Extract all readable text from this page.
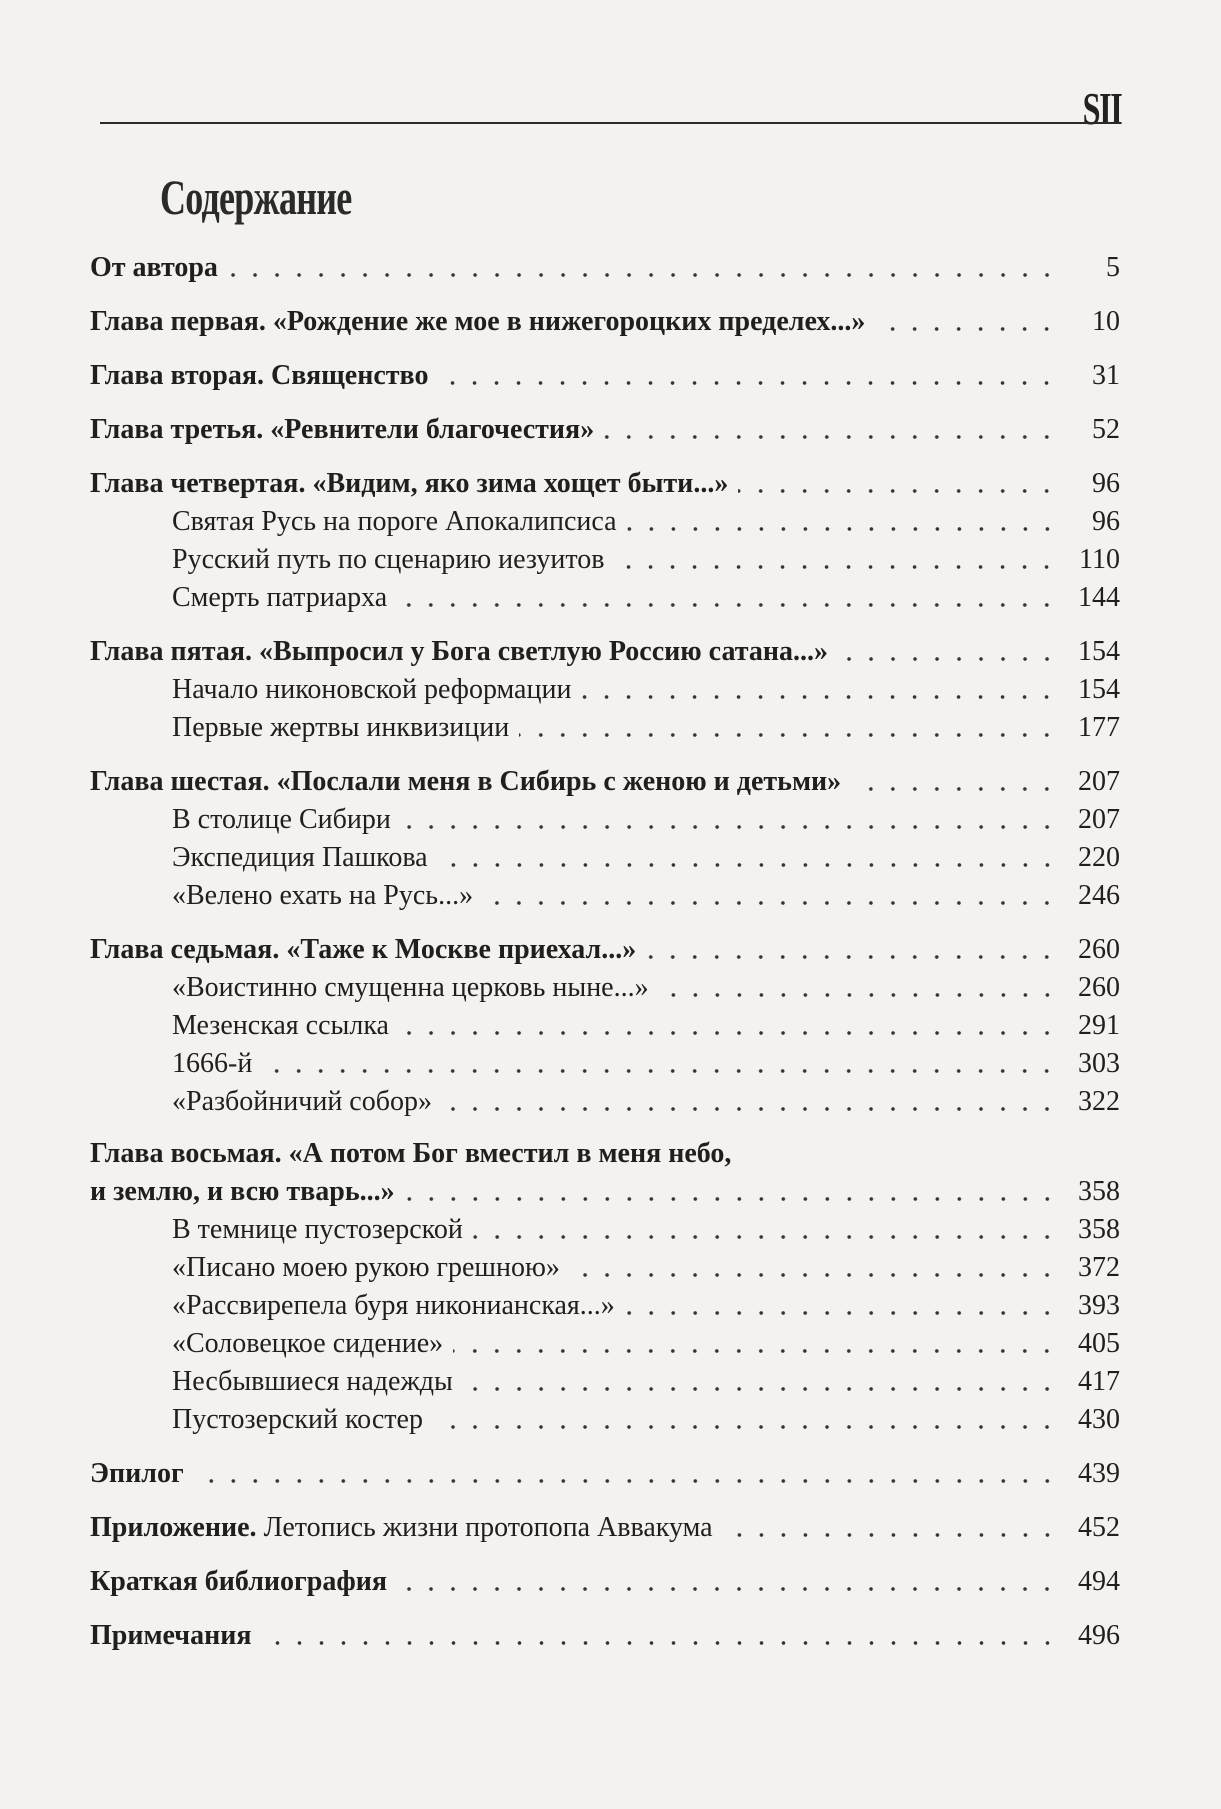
SII
Содержание
От автора	5
Глава первая. «Рождение же мое в нижегороцких пределех...»	10
Глава вторая. Священство	31
Глава третья. «Ревнители благочестия»	52
Глава четвертая. «Видим, яко зима хощет быти...»	96
Святая Русь на пороге Апокалипсиса	96
Русский путь по сценарию иезуитов	110
Смерть патриарха	144
Глава пятая. «Выпросил у Бога светлую Россию сатана...»	154
Начало никоновской реформации	154
Первые жертвы инквизиции	177
Глава шестая. «Послали меня в Сибирь с женою и детьми»	207
В столице Сибири	207
Экспедиция Пашкова	220
«Велено ехать на Русь...»	246
Глава седьмая. «Таже к Москве приехал...»	260
«Воистинно смущенна церковь ныне...»	260
Мезенская ссылка	291
1666-й	303
«Разбойничий собор»	322
Глава восьмая. «А потом Бог вместил в меня небо,
и землю, и всю тварь...»	358
В темнице пустозерской	358
«Писано моею рукою грешною»	372
«Рассвирепела буря никонианская...»	393
«Соловецкое сидение»	405
Несбывшиеся надежды	417
Пустозерский костер	430
Эпилог	439
Приложение. Летопись жизни протопопа Аввакума	452
Краткая библиография	494
Примечания	496
